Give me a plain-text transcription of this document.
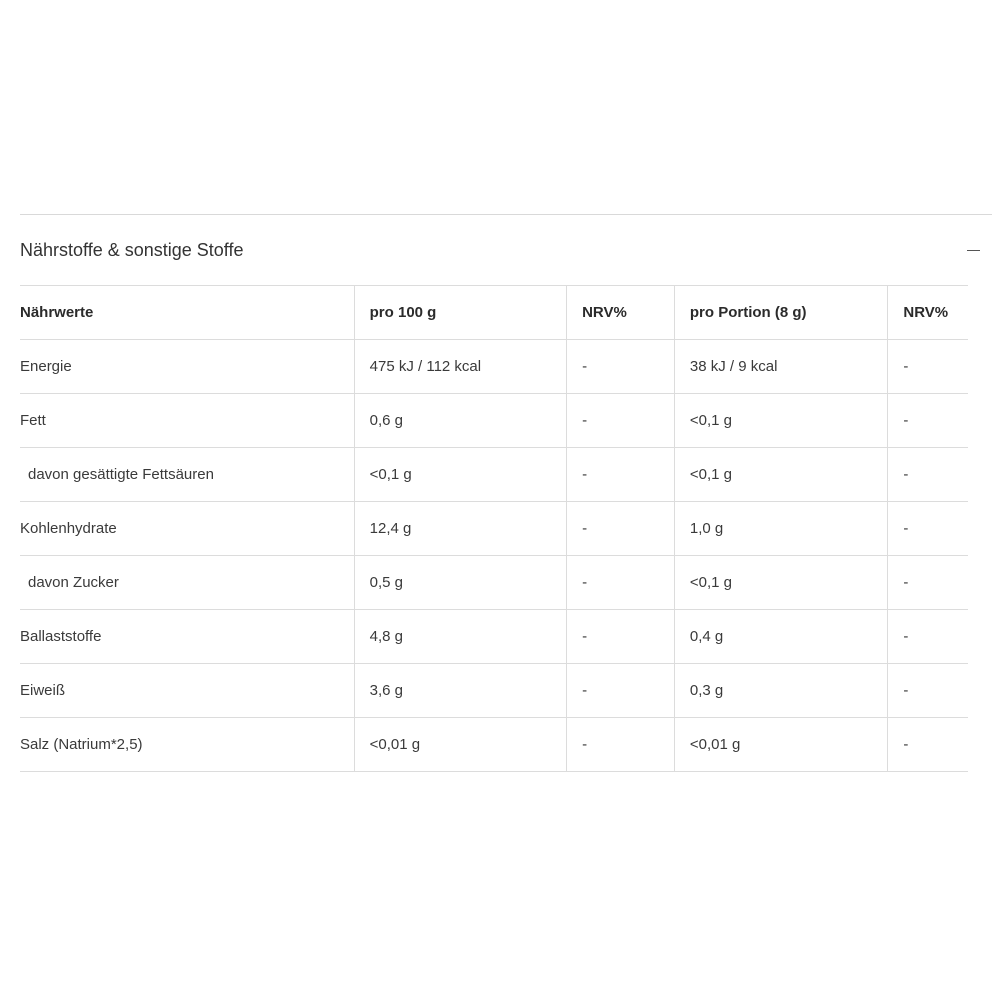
Nährstoffe & sonstige Stoffe
Nährwerte	pro 100 g	NRV%	pro Portion (8 g)	NRV%
Energie	475 kJ / 112 kcal	-	38 kJ / 9 kcal	-
Fett	0,6 g	-	<0,1 g	-
davon gesättigte Fettsäuren	<0,1 g	-	<0,1 g	-
Kohlenhydrate	12,4 g	-	1,0 g	-
davon Zucker	0,5 g	-	<0,1 g	-
Ballaststoffe	4,8 g	-	0,4 g	-
Eiweiß	3,6 g	-	0,3 g	-
Salz (Natrium*2,5)	<0,01 g	-	<0,01 g	-
